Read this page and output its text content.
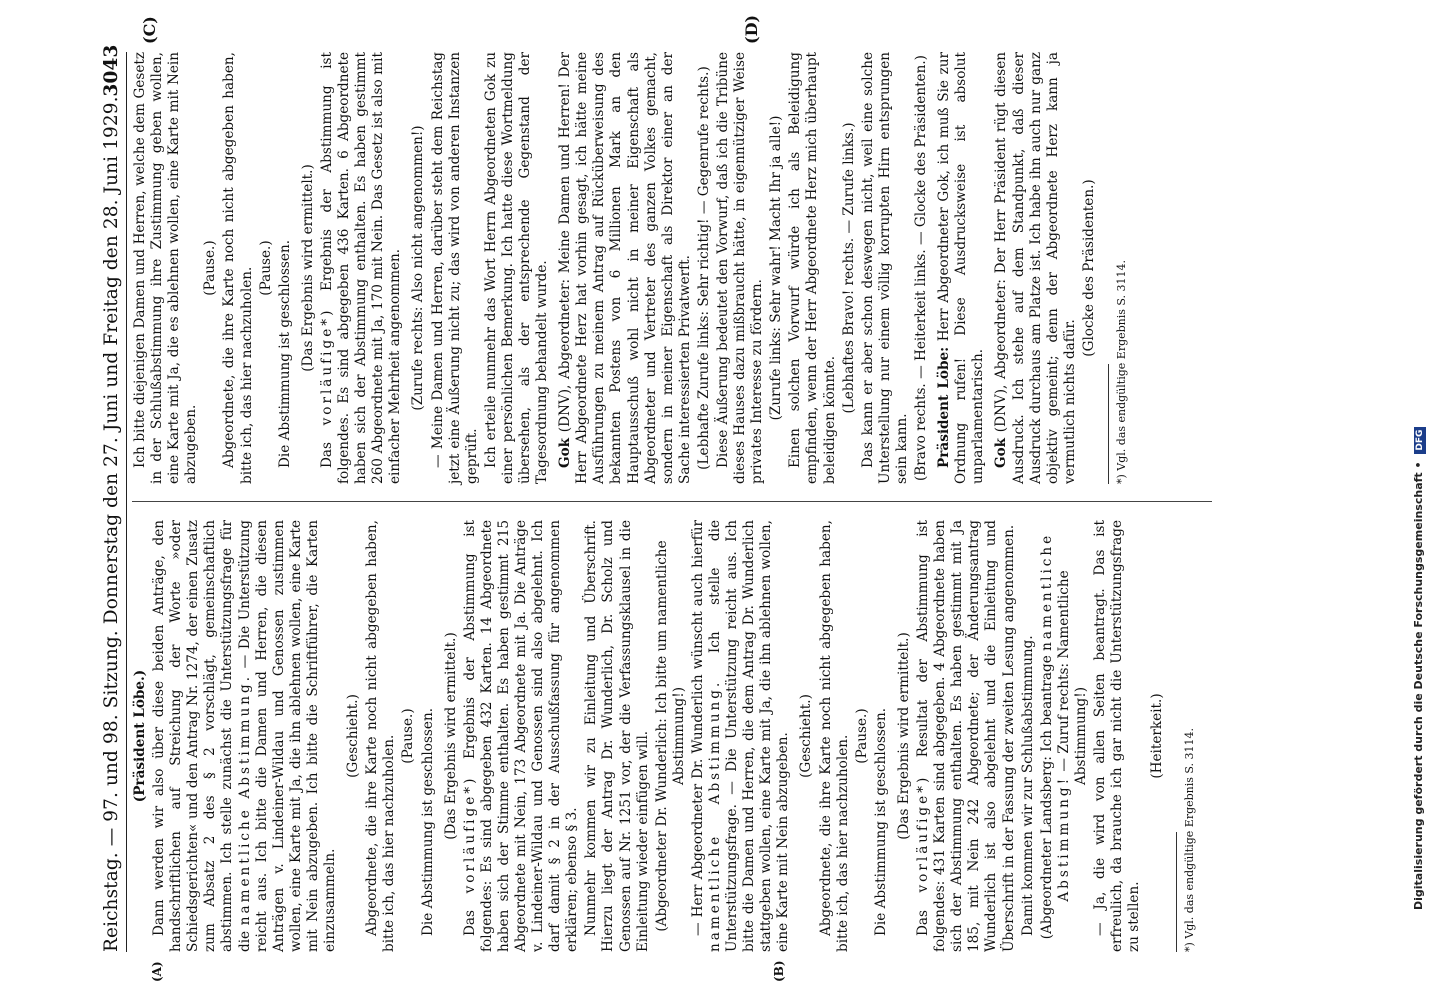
Digitalisierung gefördert durch die Deutsche Forschungsgemeinschaft • DFG
Reichstag. — 97. und 98. Sitzung. Donnerstag den 27. Juni und Freitag den 28. Juni 1929.
3043
(A)	(B)

(Präsident Löbe.) Dann werden wir also über diese beiden Anträge, den handschriftlichen auf Streichung der Worte »oder Schiedsgerichten« und den Antrag Nr. 1274, der einen Zusatz zum Absatz 2 des § 2 vorschlägt, gemeinschaftlich abstimmen. Ich stelle zunächst die Unterstützungsfrage für die namentliche Abstimmung. — Die Unterstützung reicht aus. Ich bitte die Damen und Herren, die diesen Anträgen v. Lindeiner-Wildau und Genossen zustimmen wollen, eine Karte mit Ja, die ihn ablehnen wollen, eine Karte mit Nein abzugeben. Ich bitte die Schriftführer, die Karten einzusammeln.

(Geschieht.) Abgeordnete, die ihre Karte noch nicht abgegeben haben, bitte ich, das hier nachzuholen. (Pause.) Die Abstimmung ist geschlossen. (Das Ergebnis wird ermittelt.)

Das vorläufige*) Ergebnis der Abstimmung ist folgendes: Es sind abgegeben 432 Karten. 14 Abgeordnete haben sich der Stimme enthalten. Es haben gestimmt 215 Abgeordnete mit Nein, 173 Abgeordnete mit Ja. Die Anträge v. Lindeiner-Wildau und Genossen sind also abgelehnt. Ich darf damit § 2 in der Ausschußfassung für angenommen erklären; ebenso § 3. Nunmehr kommen wir zu Einleitung und Überschrift. Hierzu liegt der Antrag Dr. Wunderlich, Dr. Scholz und Genossen auf Nr. 1251 vor, der die Verfassungsklausel in die Einleitung wieder einfügen will. (Abgeordneter Dr. Wunderlich: Ich bitte um namentliche Abstimmung!) — Herr Abgeordneter Dr. Wunderlich wünscht auch hierfür namentliche Abstimmung. Ich stelle die Unterstützungsfrage. — Die Unterstützung reicht aus. Ich bitte die Damen und Herren, die dem Antrag Dr. Wunderlich stattgeben wollen, eine Karte mit Ja, die ihn ablehnen wollen, eine Karte mit Nein abzugeben. (Geschieht.) Abgeordnete, die ihre Karte noch nicht abgegeben haben, bitte ich, das hier nachzuholen. (Pause.) Die Abstimmung ist geschlossen. (Das Ergebnis wird ermittelt.)

Das vorläufige*) Resultat der Abstimmung ist folgendes: 431 Karten sind abgegeben. 4 Abgeordnete haben sich der Abstimmung enthalten. Es haben gestimmt mit Ja 185, mit Nein 242 Abgeordnete; der Änderungsantrag Wunderlich ist also abgelehnt und die Einleitung und Überschrift in der Fassung der zweiten Lesung angenommen. Damit kommen wir zur Schlußabstimmung. (Abgeordneter Landsberg: Ich beantrage namentliche Abstimmung! — Zuruf rechts: Namentliche Abstimmung!) — Ja, die wird von allen Seiten beantragt. Das ist erfreulich, da brauche ich gar nicht die Unterstützungsfrage zu stellen.

(Heiterkeit.) *) Vgl. das endgültige Ergebnis S. 3114.

(C)	(D)

Ich bitte diejenigen Damen und Herren, welche dem Gesetz in der Schlußabstimmung ihre Zustimmung geben wollen, eine Karte mit Ja, die es ablehnen wollen, eine Karte mit Nein abzugeben.

(Pause.) Abgeordnete, die ihre Karte noch nicht abgegeben haben, bitte ich, das hier nachzuholen. (Pause.) Die Abstimmung ist geschlossen. (Das Ergebnis wird ermittelt.)

Das vorläufige*) Ergebnis der Abstimmung ist folgendes. Es sind abgegeben 436 Karten. 6 Abgeordnete haben sich der Abstimmung enthalten. Es haben gestimmt 260 Abgeordnete mit Ja, 170 mit Nein. Das Gesetz ist also mit einfacher Mehrheit angenommen. (Zurufe rechts: Also nicht angenommen!) — Meine Damen und Herren, darüber steht dem Reichstag jetzt eine Äußerung nicht zu; das wird von anderen Instanzen geprüft. Ich erteile nunmehr das Wort Herrn Abgeordneten Gok zu einer persönlichen Bemerkung. Ich hatte diese Wortmeldung übersehen, als der entsprechende Gegenstand der Tagesordnung behandelt wurde. Gok (DNV), Abgeordneter: Meine Damen und Herren! Der Herr Abgeordnete Herz hat vorhin gesagt, ich hätte meine Ausführungen zu meinem Antrag auf Rücküberweisung des bekannten Postens von 6 Millionen Mark an den Hauptausschuß wohl nicht in meiner Eigenschaft als Abgeordneter und Vertreter des ganzen Volkes gemacht, sondern in meiner Eigenschaft als Direktor einer an der Sache interessierten Privatwerft. (Lebhafte Zurufe links: Sehr richtig! — Gegenrufe rechts.) Diese Äußerung bedeutet den Vorwurf, daß ich die Tribüne dieses Hauses dazu mißbraucht hätte, in eigennütziger Weise privates Interesse zu fördern. (Zurufe links: Sehr wahr! Macht Ihr ja alle!) Einen solchen Vorwurf würde ich als Beleidigung empfinden, wenn der Herr Abgeordnete Herz mich überhaupt beleidigen könnte.

(Lebhaftes Bravo! rechts. — Zurufe links.) Das kann er aber schon deswegen nicht, weil eine solche Unterstellung nur einem völlig korrupten Hirn entsprungen sein kann. (Bravo rechts. — Heiterkeit links. — Glocke des Präsidenten.) Präsident Löbe: Herr Abgeordneter Gok, ich muß Sie zur Ordnung rufen! Diese Ausdrucksweise ist absolut unparlamentarisch. Gok (DNV), Abgeordneter: Der Herr Präsident rügt diesen Ausdruck. Ich stehe auf dem Standpunkt, daß dieser Ausdruck durchaus am Platze ist. Ich habe ihn auch nur ganz objektiv gemeint; denn der Abgeordnete Herz kann ja vermutlich nichts dafür.

(Glocke des Präsidenten.) *) Vgl. das endgültige Ergebnis S. 3114.
